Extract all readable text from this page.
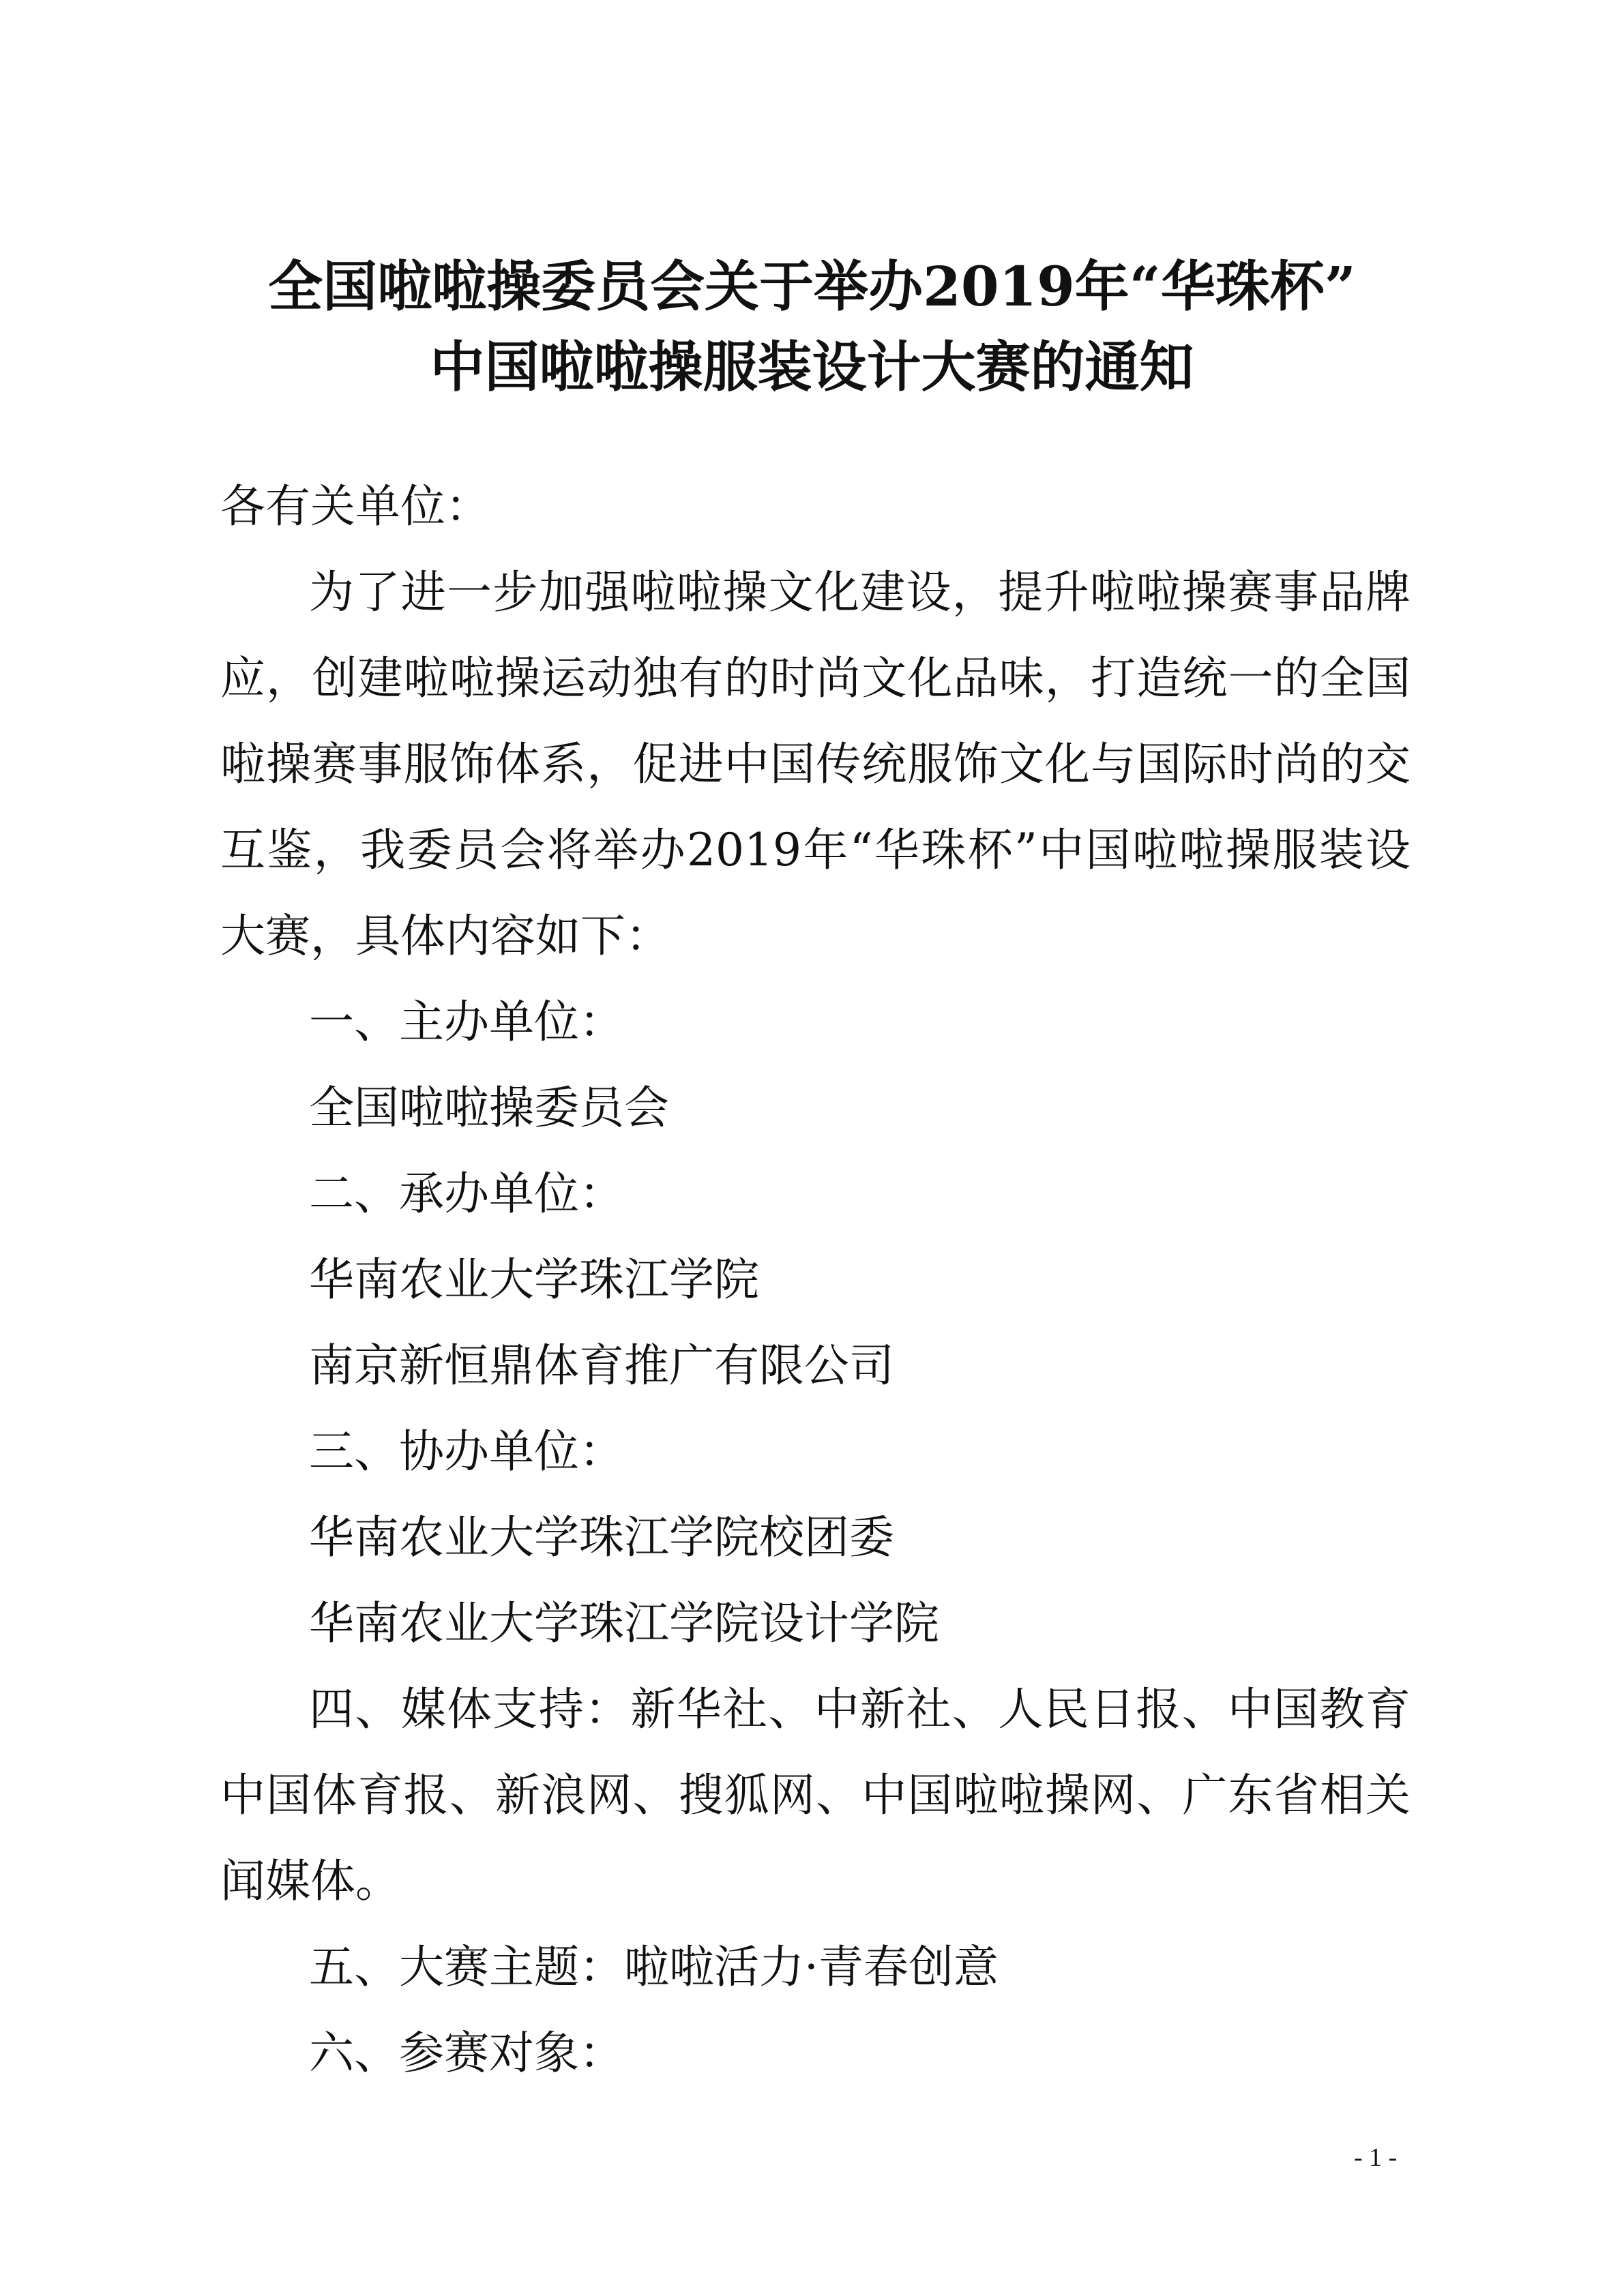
全国啦啦操委员会关于举办2019年“华珠杯”
中国啦啦操服装设计大赛的通知
各有关单位：
为了进一步加强啦啦操文化建设，提升啦啦操赛事品牌
应，创建啦啦操运动独有的时尚文化品味，打造统一的全国
啦操赛事服饰体系，促进中国传统服饰文化与国际时尚的交
互鉴，我委员会将举办2019年“华珠杯”中国啦啦操服装设
大赛，具体内容如下：
一、主办单位：
全国啦啦操委员会
二、承办单位：
华南农业大学珠江学院
南京新恒鼎体育推广有限公司
三、协办单位：
华南农业大学珠江学院校团委
华南农业大学珠江学院设计学院
四、媒体支持：新华社、中新社、人民日报、中国教育
中国体育报、新浪网、搜狐网、中国啦啦操网、广东省相关
闻媒体。
五、大赛主题：啦啦活力·青春创意
六、参赛对象：
- 1 -
